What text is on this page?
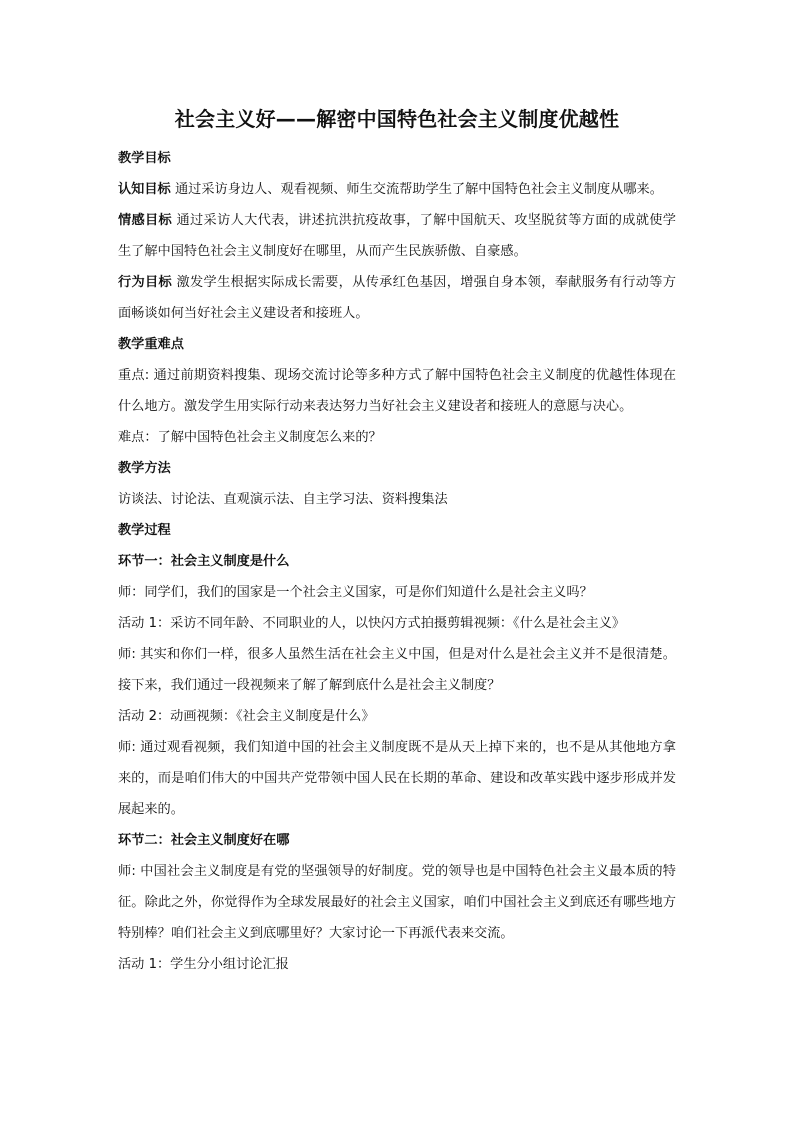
社会主义好——解密中国特色社会主义制度优越性

教学目标

认知目标 通过采访身边人、观看视频、师生交流帮助学生了解中国特色社会主义制度从哪来。

情感目标 通过采访人大代表，讲述抗洪抗疫故事，了解中国航天、攻坚脱贫等方面的成就使学生了解中国特色社会主义制度好在哪里，从而产生民族骄傲、自豪感。

行为目标 激发学生根据实际成长需要，从传承红色基因，增强自身本领，奉献服务有行动等方面畅谈如何当好社会主义建设者和接班人。

教学重难点

重点: 通过前期资料搜集、现场交流讨论等多种方式了解中国特色社会主义制度的优越性体现在什么地方。激发学生用实际行动来表达努力当好社会主义建设者和接班人的意愿与决心。

难点：了解中国特色社会主义制度怎么来的？

教学方法

访谈法、讨论法、直观演示法、自主学习法、资料搜集法

教学过程

环节一：社会主义制度是什么

师：同学们，我们的国家是一个社会主义国家，可是你们知道什么是社会主义吗？

活动 1：采访不同年龄、不同职业的人，以快闪方式拍摄剪辑视频：《什么是社会主义》

师: 其实和你们一样，很多人虽然生活在社会主义中国，但是对什么是社会主义并不是很清楚。接下来，我们通过一段视频来了解了解到底什么是社会主义制度？

活动 2：动画视频：《社会主义制度是什么》

师: 通过观看视频，我们知道中国的社会主义制度既不是从天上掉下来的，也不是从其他地方拿来的，而是咱们伟大的中国共产党带领中国人民在长期的革命、建设和改革实践中逐步形成并发展起来的。

环节二：社会主义制度好在哪

师: 中国社会主义制度是有党的坚强领导的好制度。党的领导也是中国特色社会主义最本质的特征。除此之外，你觉得作为全球发展最好的社会主义国家，咱们中国社会主义到底还有哪些地方特别棒？咱们社会主义到底哪里好？大家讨论一下再派代表来交流。

活动 1：学生分小组讨论汇报
